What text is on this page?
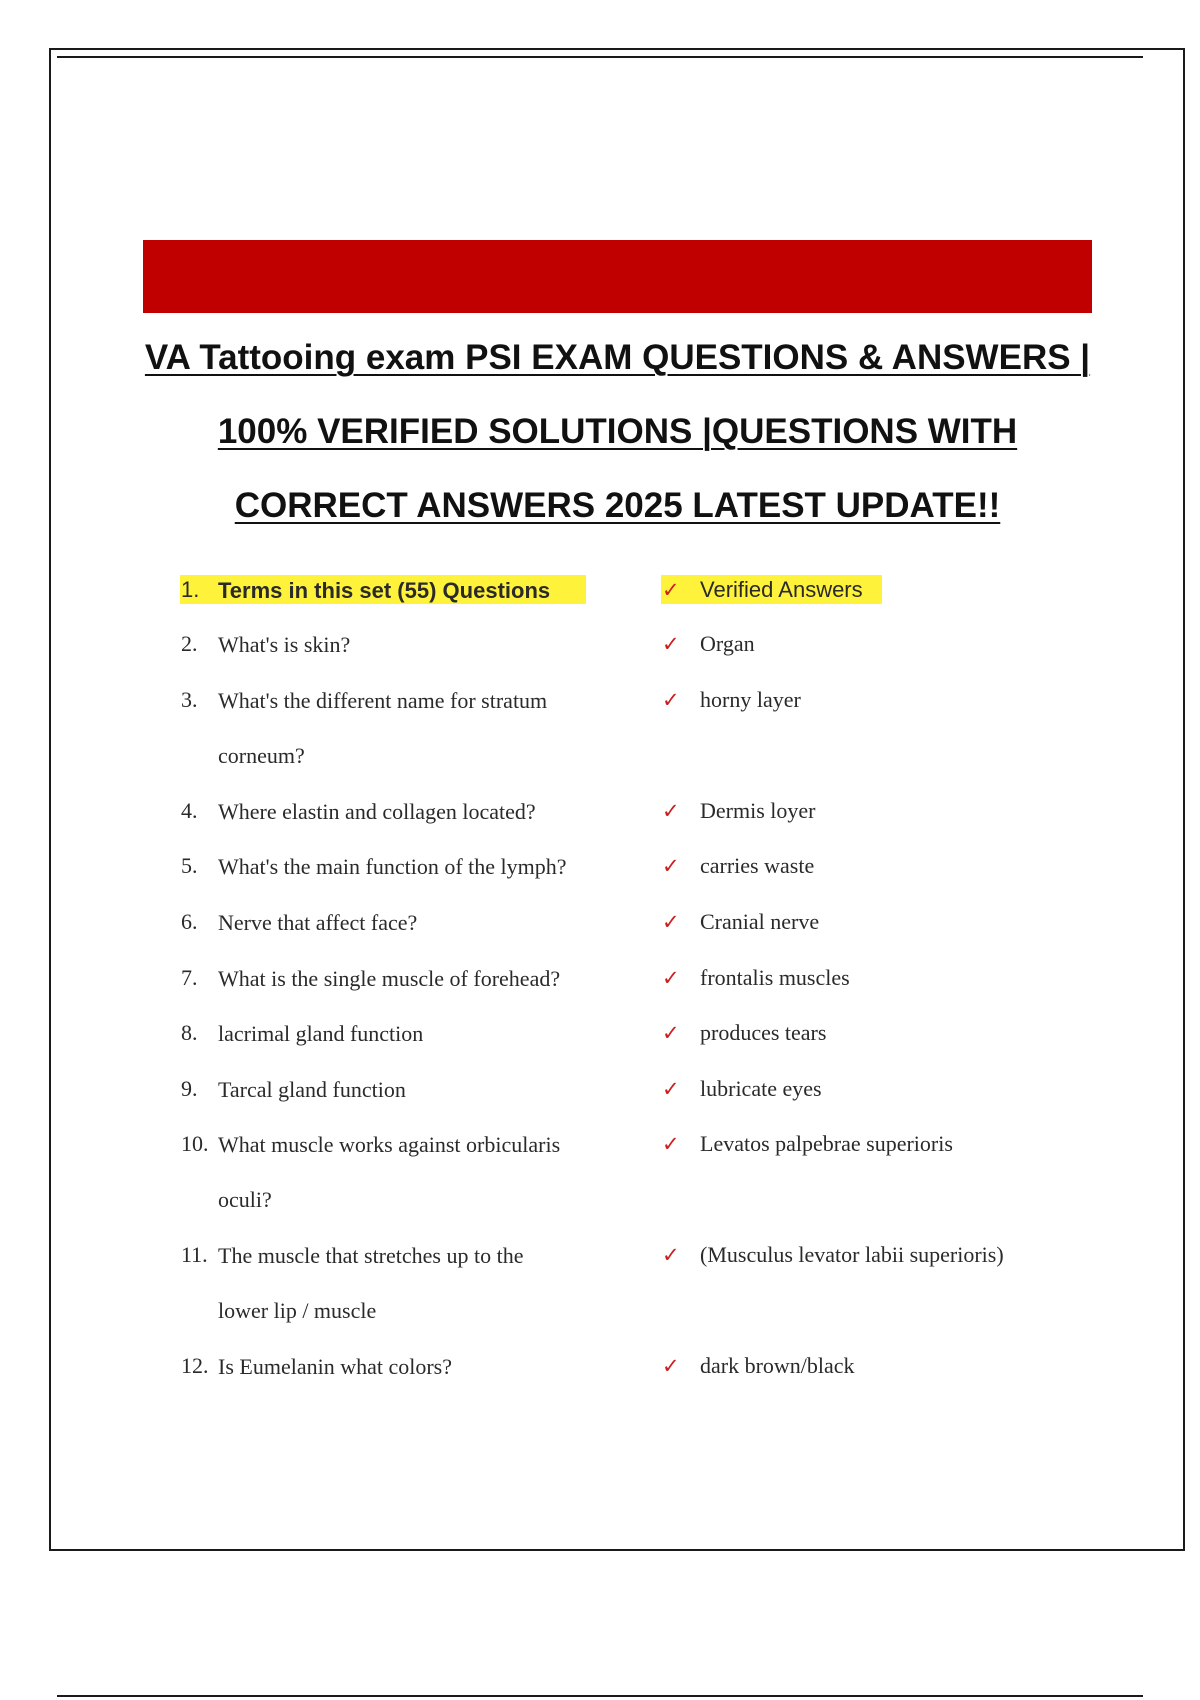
VA Tattooing exam PSI EXAM QUESTIONS & ANSWERS |
100% VERIFIED SOLUTIONS |QUESTIONS WITH
CORRECT ANSWERS 2025 LATEST UPDATE!!
1. Terms in this set (55) Questions	✓ Verified Answers
2. What's is skin?	✓ Organ
3. What's the different name for stratum corneum?
✓ horny layer
4. Where elastin and collagen located?	✓ Dermis loyer
5. What's the main function of the lymph?	✓ carries waste
6. Nerve that affect face?	✓ Cranial nerve
7. What is the single muscle of forehead?	✓ frontalis muscles
8. lacrimal gland function	✓ produces tears
9. Tarcal gland function	✓ lubricate eyes
10. What muscle works against orbicularis oculi?
✓ Levatos palpebrae superioris
11. The muscle that stretches up to the lower lip / muscle
✓ (Musculus levator labii superioris)
12. Is Eumelanin what colors?	✓ dark brown/black
